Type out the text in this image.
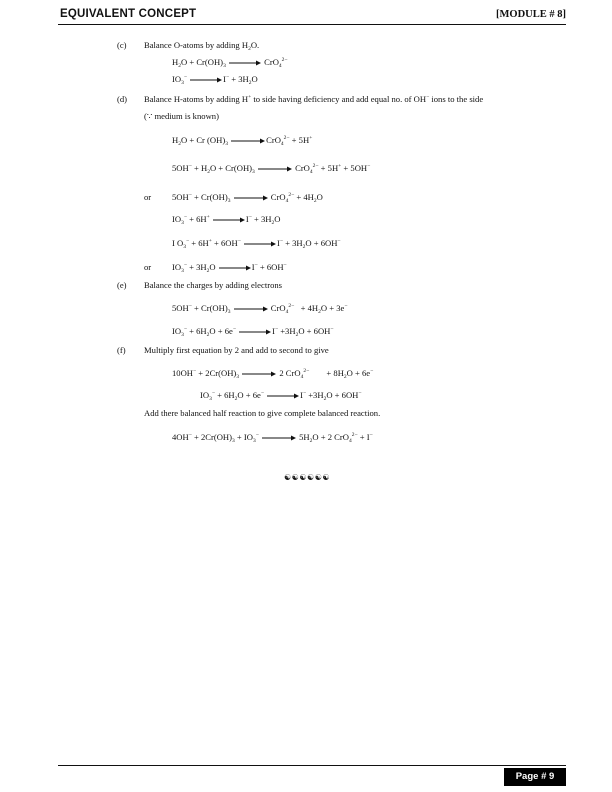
EQUIVALENT CONCEPT	[MODULE # 8]
(c) Balance O-atoms by adding $H_2O$.
$H_2O + Cr(OH)_3$	CrO$_4^{2-}$
$IO_3^-$	$I^- + 3H_2O$
(d) Balance H-atoms by adding H+ to side having deficiency and add equal no. of OH− ions to the side
(∵ medium is known)
$H_2O + Cr$ $(OH)_3$	CrO$_4^{2-}$ + 5H+
$5OH^- + H_2O + Cr(OH)_3$	CrO$_4^{2-}$ + 5H+ + 5OH−
or $5OH^- + Cr(OH)_3$	$CrO_4^{2-} + 4H_2O$
$IO_3^- + 6H^+$	$I^- + 3H_2O$
I $O_3^- + 6H^+ + 6OH^-$	$I^- + 3H_2O + 6OH^-$
or $IO_3^- + 3H_2O$	I− + 6OH−
(e) Balance the charges by adding electrons
$5OH^- + Cr(OH)_3$	$CrO_4^{2-} + 4H_2O + 3e^-$
$IO_3^- + 6H_2O + 6e^-$	$I^- +3H_2O + 6OH^-$
(f) Multiply first equation by 2 and add to second to give
$10OH^- + 2Cr(OH)_3$	2 CrO$_4^{2-}$        + $8H_2O + 6e^-$
$IO_3^- + 6H_2O + 6e^-$	$I^- +3H_2O + 6OH^-$
Add there balanced half reaction to give complete balanced reaction.
$4OH^- + 2Cr(OH)_3 + IO_3^-$	$5H_2O + 2$ CrO$_4^{2-}$ + I−
☯☯☯☯☯☯
Page # 9
